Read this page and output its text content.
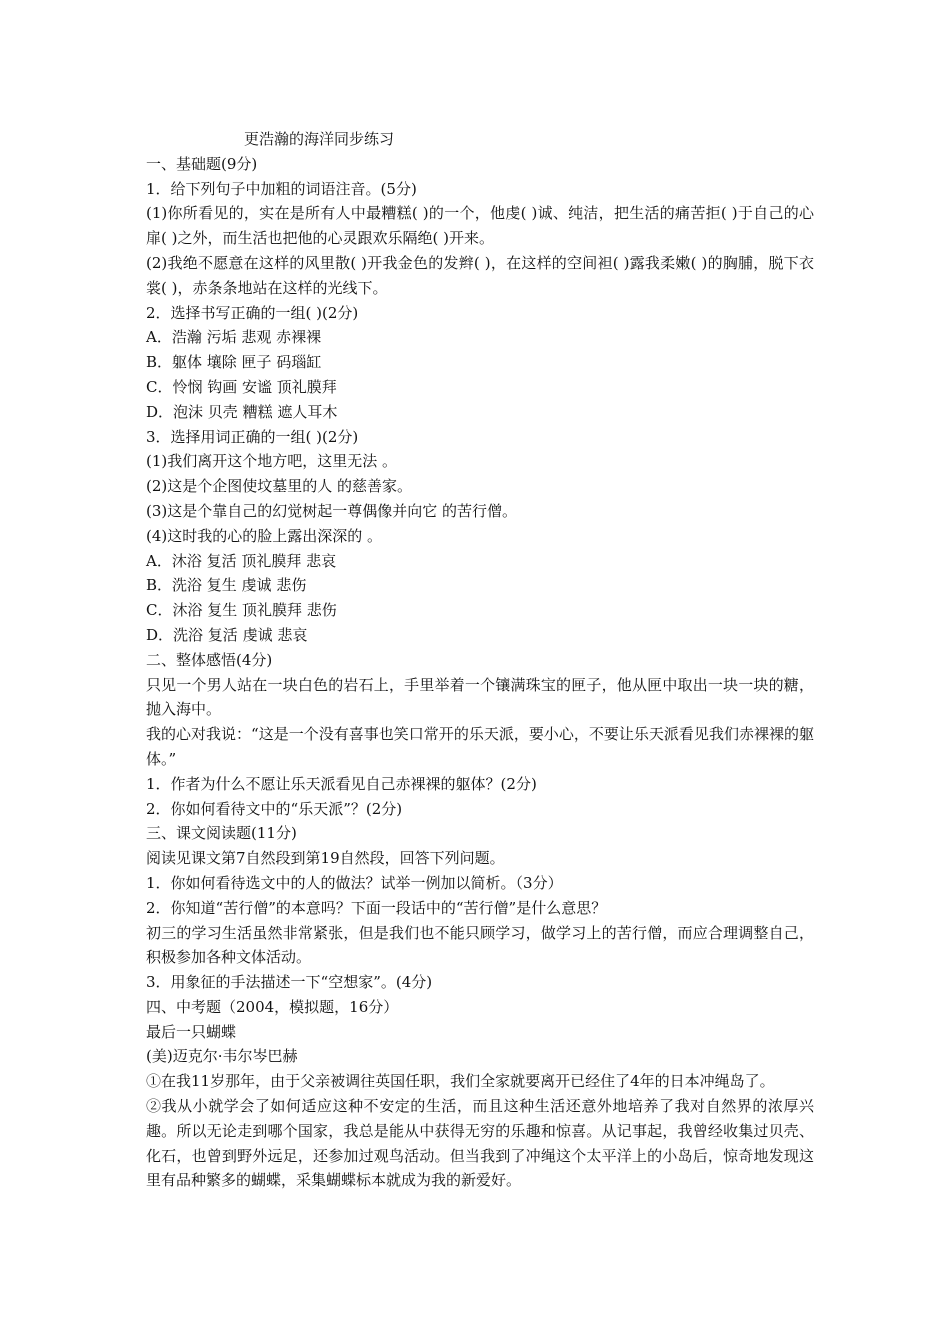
更浩瀚的海洋同步练习
一、基础题(9分)
1．给下列句子中加粗的词语注音。(5分)
(1)你所看见的，实在是所有人中最糟糕( )的一个，他虔( )诚、纯洁，把生活的痛苦拒( )于自己的心扉( )之外，而生活也把他的心灵跟欢乐隔绝( )开来。
(2)我绝不愿意在这样的风里散( )开我金色的发辫( )，在这样的空间袒( )露我柔嫩( )的胸脯，脱下衣裳( )，赤条条地站在这样的光线下。
2．选择书写正确的一组( )(2分)
A．浩瀚 污垢 悲观 赤裸裸
B．躯体 壤除 匣子 码瑙缸
C．怜悯 钩画 安谧 顶礼膜拜
D．泡沫 贝壳 糟糕 遮人耳木
3．选择用词正确的一组( )(2分)
(1)我们离开这个地方吧，这里无法 。
(2)这是个企图使坟墓里的人 的慈善家。
(3)这是个靠自己的幻觉树起一尊偶像并向它 的苦行僧。
(4)这时我的心的脸上露出深深的 。
A．沐浴 复活 顶礼膜拜 悲哀
B．洗浴 复生 虔诚 悲伤
C．沐浴 复生 顶礼膜拜 悲伤
D．洗浴 复活 虔诚 悲哀
二、整体感悟(4分)
只见一个男人站在一块白色的岩石上，手里举着一个镶满珠宝的匣子，他从匣中取出一块一块的糖，抛入海中。
我的心对我说：“这是一个没有喜事也笑口常开的乐天派，要小心，不要让乐天派看见我们赤裸裸的躯体。”
1．作者为什么不愿让乐天派看见自己赤裸裸的躯体？(2分)
2．你如何看待文中的“乐天派”？(2分)
三、课文阅读题(11分)
阅读见课文第7自然段到第19自然段，回答下列问题。
1．你如何看待选文中的人的做法？试举一例加以简析。（3分）
2．你知道“苦行僧”的本意吗？下面一段话中的“苦行僧”是什么意思？
初三的学习生活虽然非常紧张，但是我们也不能只顾学习，做学习上的苦行僧，而应合理调整自己，积极参加各种文体活动。
3．用象征的手法描述一下“空想家”。(4分)
四、中考题（2004，模拟题，16分）
最后一只蝴蝶
(美)迈克尔·韦尔岑巴赫
①在我11岁那年，由于父亲被调往英国任职，我们全家就要离开已经住了4年的日本冲绳岛了。
②我从小就学会了如何适应这种不安定的生活，而且这种生活还意外地培养了我对自然界的浓厚兴趣。所以无论走到哪个国家，我总是能从中获得无穷的乐趣和惊喜。从记事起，我曾经收集过贝壳、化石，也曾到野外远足，还参加过观鸟活动。但当我到了冲绳这个太平洋上的小岛后，惊奇地发现这里有品种繁多的蝴蝶，采集蝴蝶标本就成为我的新爱好。
